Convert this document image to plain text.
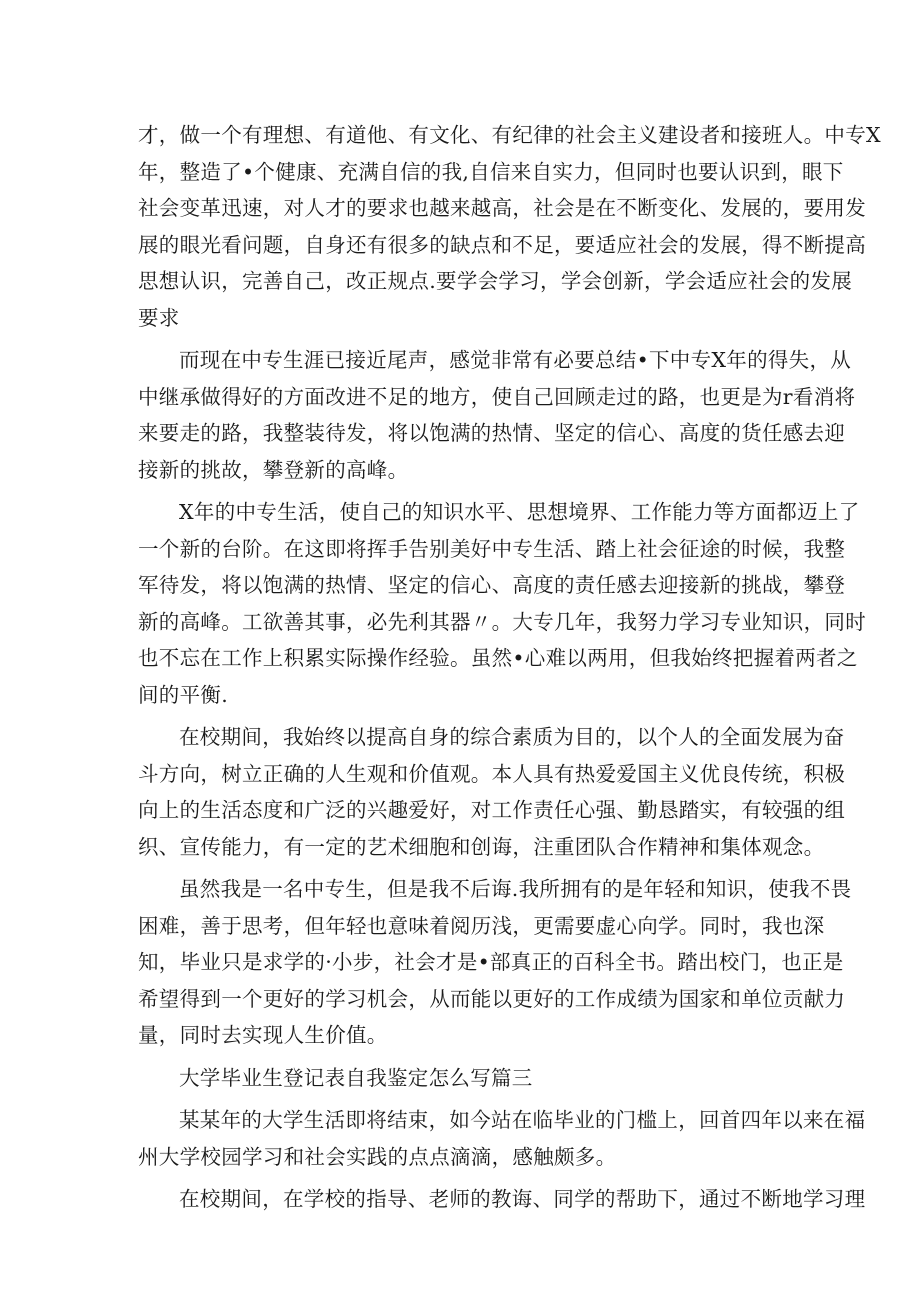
才，做一个有理想、有道他、有文化、有纪律的社会主义建设者和接班人。中专X
年，整造了•个健康、充满自信的我,自信来自实力，但同时也要认识到，眼下
社会变革迅速，对人才的要求也越来越高，社会是在不断变化、发展的，要用发
展的眼光看问题，自身还有很多的缺点和不足，要适应社会的发展，得不断提高
思想认识，完善自己，改正规点.要学会学习，学会创新，学会适应社会的发展
要求

而现在中专生涯已接近尾声，感觉非常有必要总结•下中专X年的得失，从
中继承做得好的方面改进不足的地方，使自己回顾走过的路，也更是为r看消将
来要走的路，我整装待发，将以饱满的热情、坚定的信心、高度的货任感去迎
接新的挑故，攀登新的高峰。

X年的中专生活，使自己的知识水平、思想境界、工作能力等方面都迈上了
一个新的台阶。在这即将挥手告别美好中专生活、踏上社会征途的时候，我整
军待发，将以饱满的热情、坚定的信心、高度的责任感去迎接新的挑战，攀登
新的高峰。工欲善其事，必先利其器〃。大专几年，我努力学习专业知识，同时
也不忘在工作上积累实际操作经验。虽然•心难以两用，但我始终把握着两者之
间的平衡.

在校期间，我始终以提高自身的综合素质为目的，以个人的全面发展为奋
斗方向，树立正确的人生观和价值观。本人具有热爱爱国主义优良传统，积极
向上的生活态度和广泛的兴趣爱好，对工作责任心强、勤恳踏实，有较强的组
织、宣传能力，有一定的艺术细胞和创诲，注重团队合作精神和集体观念。

虽然我是一名中专生，但是我不后诲.我所拥有的是年轻和知识，使我不畏
困难，善于思考，但年轻也意味着阅历浅，更需要虚心向学。同时，我也深
知，毕业只是求学的·小步，社会才是•部真正的百科全书。踏出校门，也正是
希望得到一个更好的学习机会，从而能以更好的工作成绩为国家和单位贡献力
量，同时去实现人生价值。

大学毕业生登记表自我鉴定怎么写篇三

某某年的大学生活即将结束，如今站在临毕业的门槛上，回首四年以来在福
州大学校园学习和社会实践的点点滴滴，感触颇多。

在校期间，在学校的指导、老师的教诲、同学的帮助下，通过不断地学习理
